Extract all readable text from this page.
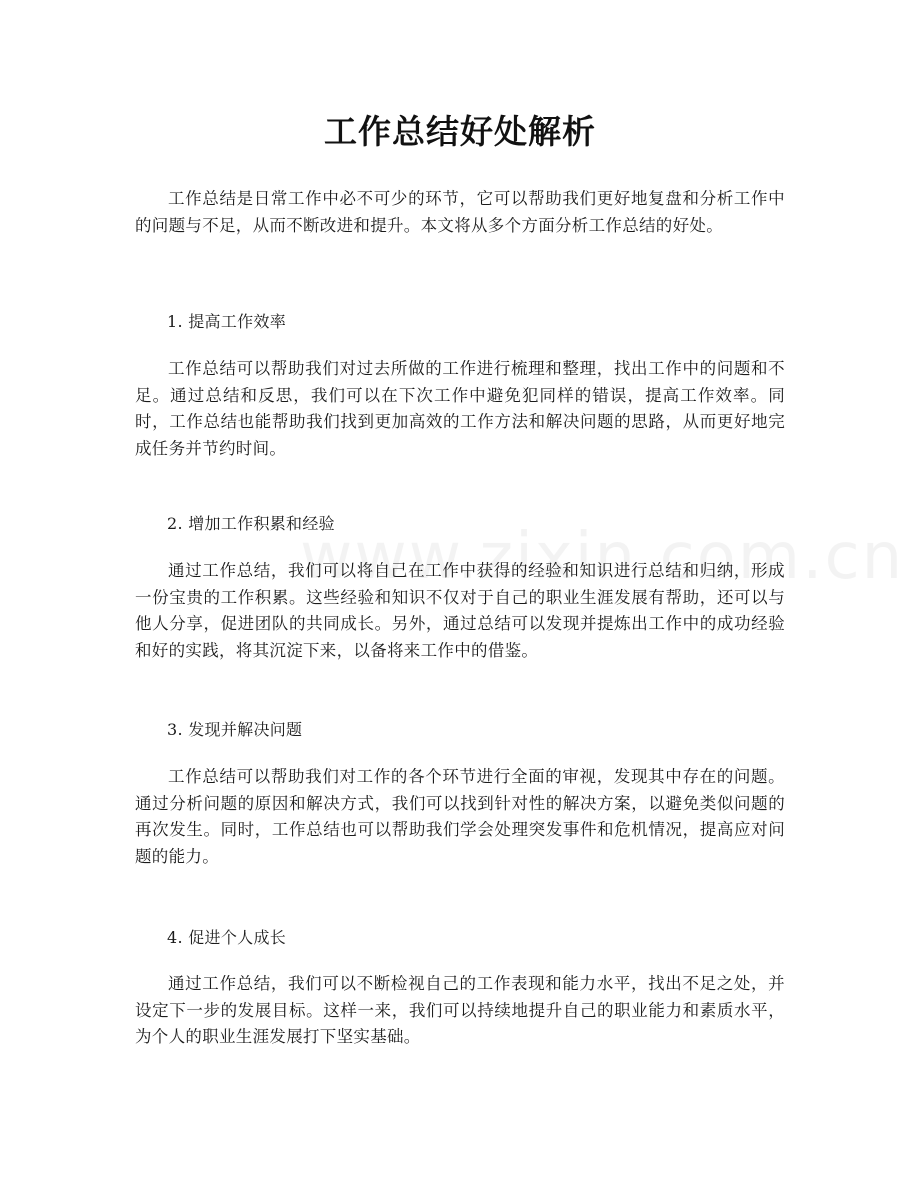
工作总结好处解析
工作总结是日常工作中必不可少的环节，它可以帮助我们更好地复盘和分析工作中的问题与不足，从而不断改进和提升。本文将从多个方面分析工作总结的好处。
1. 提高工作效率
工作总结可以帮助我们对过去所做的工作进行梳理和整理，找出工作中的问题和不足。通过总结和反思，我们可以在下次工作中避免犯同样的错误，提高工作效率。同时，工作总结也能帮助我们找到更加高效的工作方法和解决问题的思路，从而更好地完成任务并节约时间。
2. 增加工作积累和经验
通过工作总结，我们可以将自己在工作中获得的经验和知识进行总结和归纳，形成一份宝贵的工作积累。这些经验和知识不仅对于自己的职业生涯发展有帮助，还可以与他人分享，促进团队的共同成长。另外，通过总结可以发现并提炼出工作中的成功经验和好的实践，将其沉淀下来，以备将来工作中的借鉴。
3. 发现并解决问题
工作总结可以帮助我们对工作的各个环节进行全面的审视，发现其中存在的问题。通过分析问题的原因和解决方式，我们可以找到针对性的解决方案，以避免类似问题的再次发生。同时，工作总结也可以帮助我们学会处理突发事件和危机情况，提高应对问题的能力。
4. 促进个人成长
通过工作总结，我们可以不断检视自己的工作表现和能力水平，找出不足之处，并设定下一步的发展目标。这样一来，我们可以持续地提升自己的职业能力和素质水平，为个人的职业生涯发展打下坚实基础。
